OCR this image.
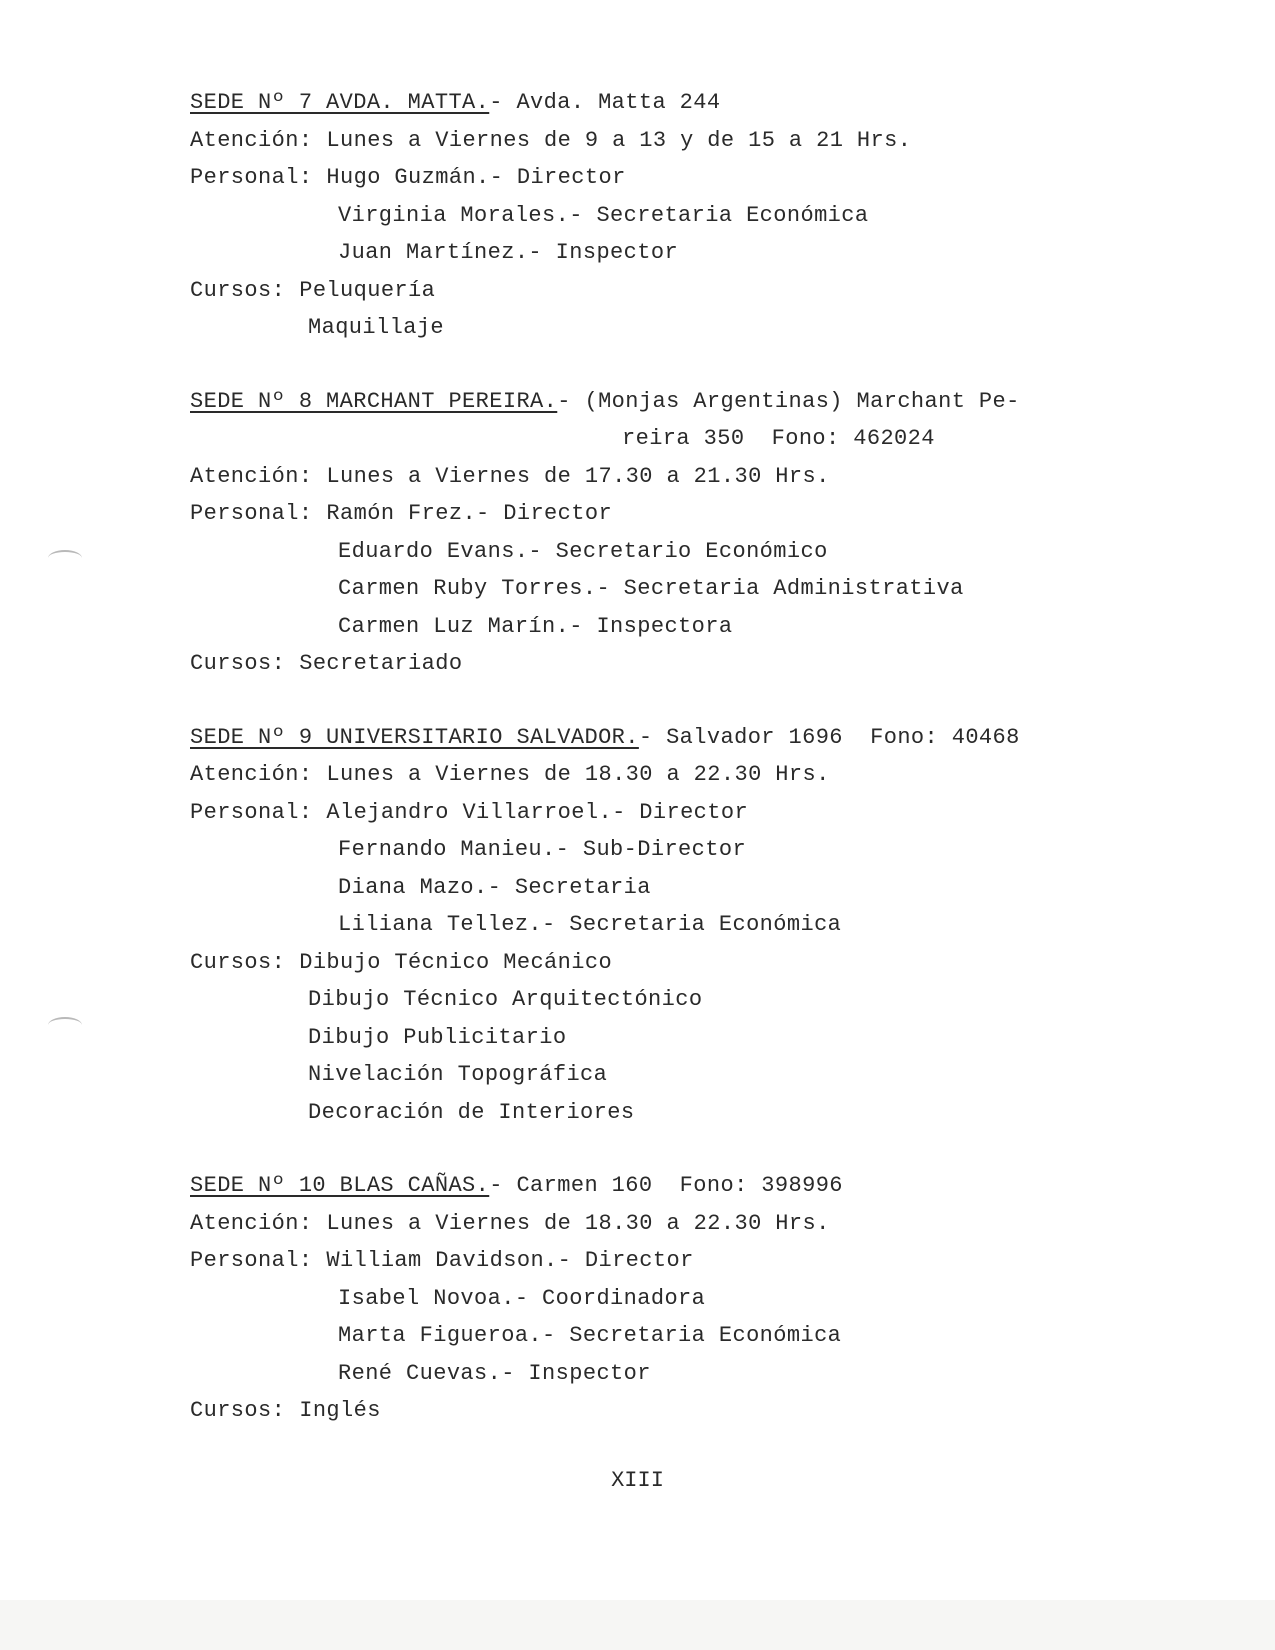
SEDE Nº 7 AVDA. MATTA.- Avda. Matta 244
Atención: Lunes a Viernes de 9 a 13 y de 15 a 21 Hrs.
Personal: Hugo Guzmán.- Director
Virginia Morales.- Secretaria Económica
Juan Martínez.- Inspector
Cursos: Peluquería
Maquillaje
SEDE Nº 8 MARCHANT PEREIRA.- (Monjas Argentinas) Marchant Pe-
reira 350  Fono: 462024
Atención: Lunes a Viernes de 17.30 a 21.30 Hrs.
Personal: Ramón Frez.- Director
Eduardo Evans.- Secretario Económico
Carmen Ruby Torres.- Secretaria Administrativa
Carmen Luz Marín.- Inspectora
Cursos: Secretariado
SEDE Nº 9 UNIVERSITARIO SALVADOR.- Salvador 1696  Fono: 40468
Atención: Lunes a Viernes de 18.30 a 22.30 Hrs.
Personal: Alejandro Villarroel.- Director
Fernando Manieu.- Sub-Director
Diana Mazo.- Secretaria
Liliana Tellez.- Secretaria Económica
Cursos: Dibujo Técnico Mecánico
Dibujo Técnico Arquitectónico
Dibujo Publicitario
Nivelación Topográfica
Decoración de Interiores
SEDE Nº 10 BLAS CAÑAS.- Carmen 160  Fono: 398996
Atención: Lunes a Viernes de 18.30 a 22.30 Hrs.
Personal: William Davidson.- Director
Isabel Novoa.- Coordinadora
Marta Figueroa.- Secretaria Económica
René Cuevas.- Inspector
Cursos: Inglés
XIII
